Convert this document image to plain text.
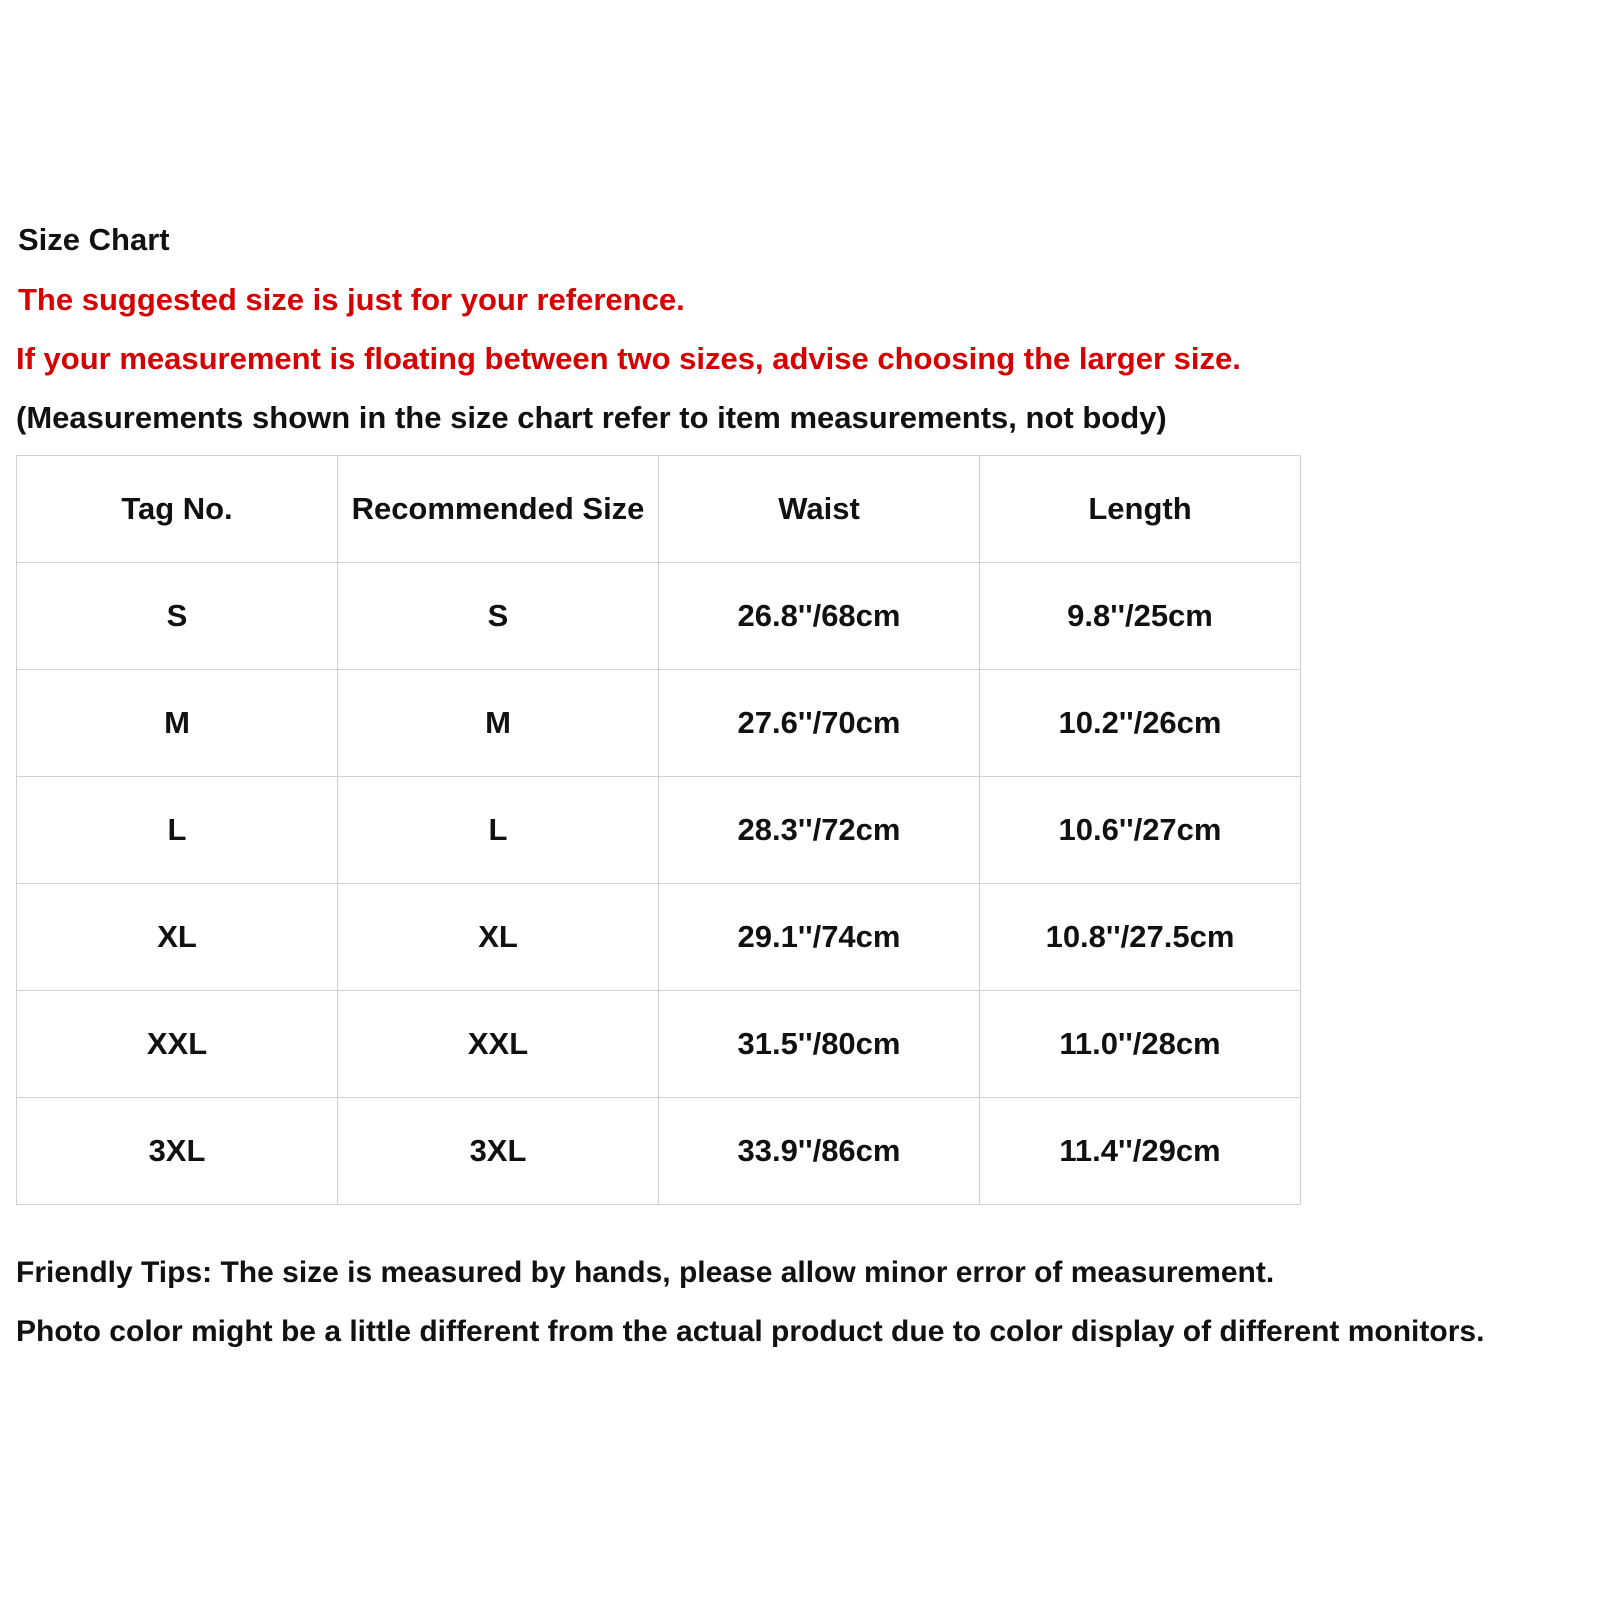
Size Chart
The suggested size is just for your reference.
If your measurement is floating between two sizes, advise choosing the larger size.
(Measurements shown in the size chart refer to item measurements, not body)
Tag No.	Recommended Size	Waist	Length
S	S	26.8''/68cm	9.8''/25cm
M	M	27.6''/70cm	10.2''/26cm
L	L	28.3''/72cm	10.6''/27cm
XL	XL	29.1''/74cm	10.8''/27.5cm
XXL	XXL	31.5''/80cm	11.0''/28cm
3XL	3XL	33.9''/86cm	11.4''/29cm
Friendly Tips: The size is measured by hands, please allow minor error of measurement.
Photo color might be a little different from the actual product due to color display of different monitors.
